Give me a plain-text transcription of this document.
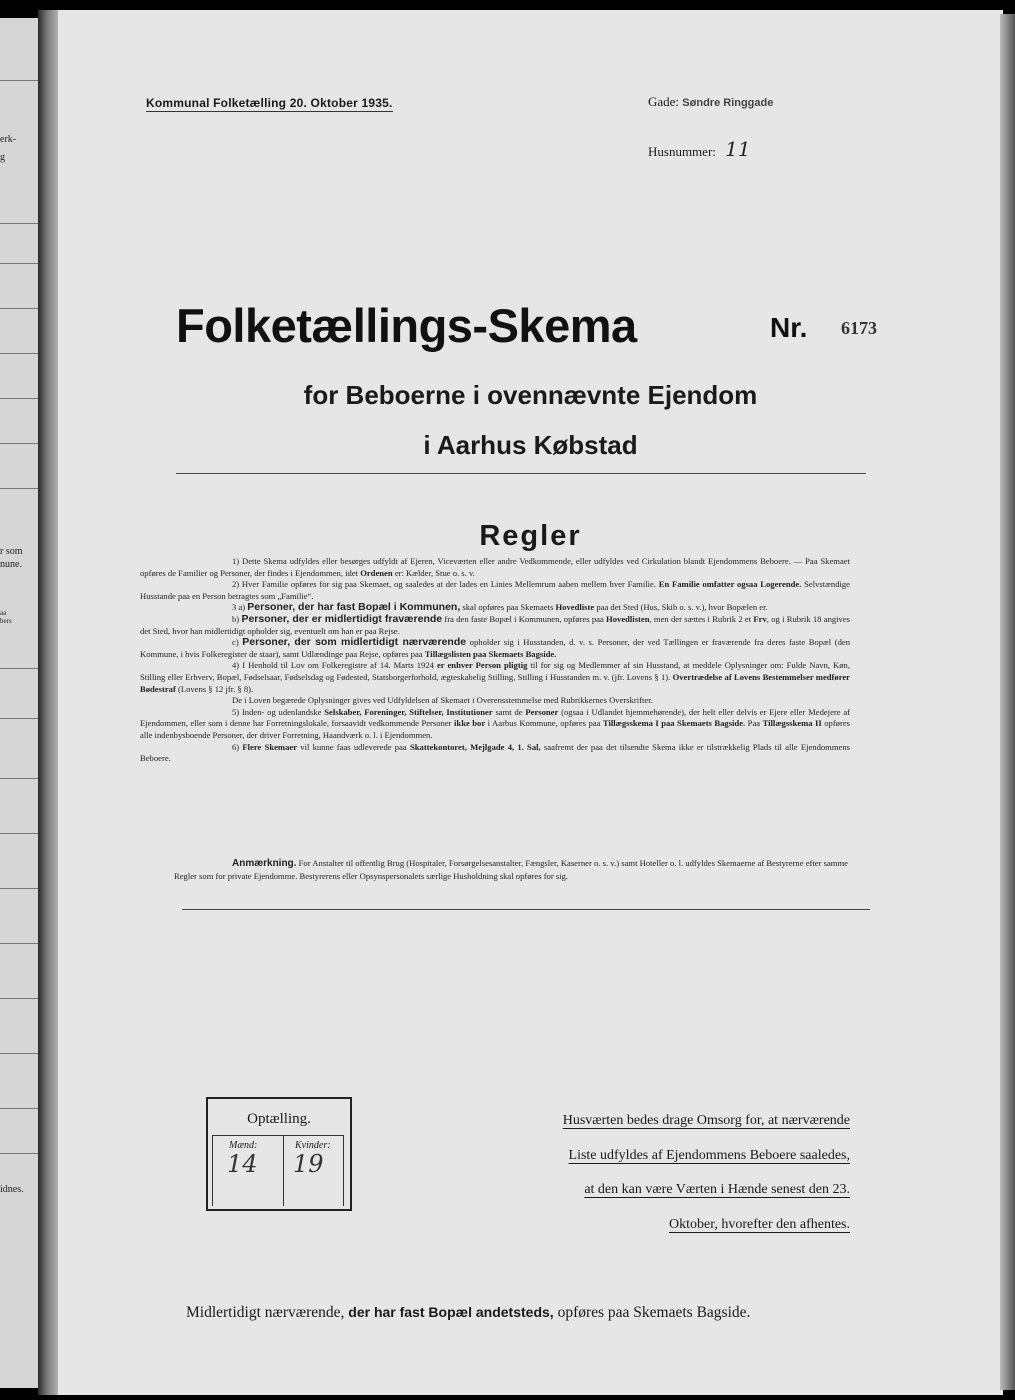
erk-
g
r som
nune.
aa
bers
idnes.
Kommunal Folketælling 20. Oktober 1935.	Gade: Søndre Ringgade
Husnummer: 11
Folketællings-Skema	Nr. 6173
for Beboerne i ovennævnte Ejendom
i Aarhus Købstad
Regler

1) Dette Skema udfyldes eller besørges udfyldt af Ejeren, Viceværten eller andre Vedkommende, eller udfyldes ved Cirkulation blandt Ejendommens Beboere. — Paa Skemaet opføres de Familier og Personer, der findes i Ejendommen, idet Ordenen er: Kælder, Stue o. s. v.

2) Hver Familie opføres for sig paa Skemaet, og saaledes at der lades en Linies Mellemrum aaben mellem hver Familie. En Familie omfatter ogsaa Logerende. Selvstændige Husstande paa en Person betragtes som „Familie“.

3 a) Personer, der har fast Bopæl i Kommunen, skal opføres paa Skemaets Hovedliste paa det Sted (Hus, Skib o. s. v.), hvor Bopælen er.

b) Personer, der er midlertidigt fraværende fra den faste Bopæl i Kommunen, opføres paa Hovedlisten, men der sættes i Rubrik 2 et Frv, og i Rubrik 18 angives det Sted, hvor han midlertidigt opholder sig, eventuelt om han er paa Rejse.

c) Personer, der som midlertidigt nærværende opholder sig i Husstanden, d. v. s. Personer, der ved Tællingen er fraværende fra deres faste Bopæl (den Kommune, i hvis Folkeregister de staar), samt Udlændinge paa Rejse, opføres paa Tillægslisten paa Skemaets Bagside.

4) I Henhold til Lov om Folkeregistre af 14. Marts 1924 er enhver Person pligtig til for sig og Medlemmer af sin Husstand, at meddele Oplysninger om: Fulde Navn, Køn, Stilling eller Erhverv, Bopæl, Fødselsaar, Fødselsdag og Fødested, Statsborgerforhold, ægteskabelig Stilling, Stilling i Husstanden m. v. (jfr. Lovens § 1). Overtrædelse af Lovens Bestemmelser medfører Bødestraf (Lovens § 12 jfr. § 8).

De i Loven begærede Oplysninger gives ved Udfyldelsen af Skemaet i Overensstemmelse med Rubrikkernes Overskrifter.

5) Inden- og udenlandske Selskaber, Foreninger, Stiftelser, Institutioner samt de Personer (ogsaa i Udlandet hjemmehørende), der helt eller delvis er Ejere eller Medejere af Ejendommen, eller som i denne har Forretningslokale, forsaavidt vedkommende Personer ikke bor i Aarhus Kommune, opføres paa Tillægsskema I paa Skemaets Bagside. Paa Tillægsskema II opføres alle indenbysboende Personer, der driver Forretning, Haandværk o. l. i Ejendommen.

6) Flere Skemaer vil kunne faas udleverede paa Skattekontoret, Mejlgade 4, 1. Sal, saafremt der paa det tilsendte Skema ikke er tilstrækkelig Plads til alle Ejendommens Beboere.

Anmærkning. For Anstalter til offentlig Brug (Hospitaler, Forsørgelsesanstalter, Fængsler, Kaserner o. s. v.) samt Hoteller o. l. udfyldes Skemaerne af Bestyrerne efter samme Regler som for private Ejendomme. Bestyrerens eller Opsynspersonalets særlige Husholdning skal opføres for sig.
Optælling.
Mænd:	Kvinder:
14 19
Husværten bedes drage Omsorg for, at nærværende
Liste udfyldes af Ejendommens Beboere saaledes,
at den kan være Værten i Hænde senest den 23.
Oktober, hvorefter den afhentes.
Midlertidigt nærværende, der har fast Bopæl andetsteds, opføres paa Skemaets Bagside.
